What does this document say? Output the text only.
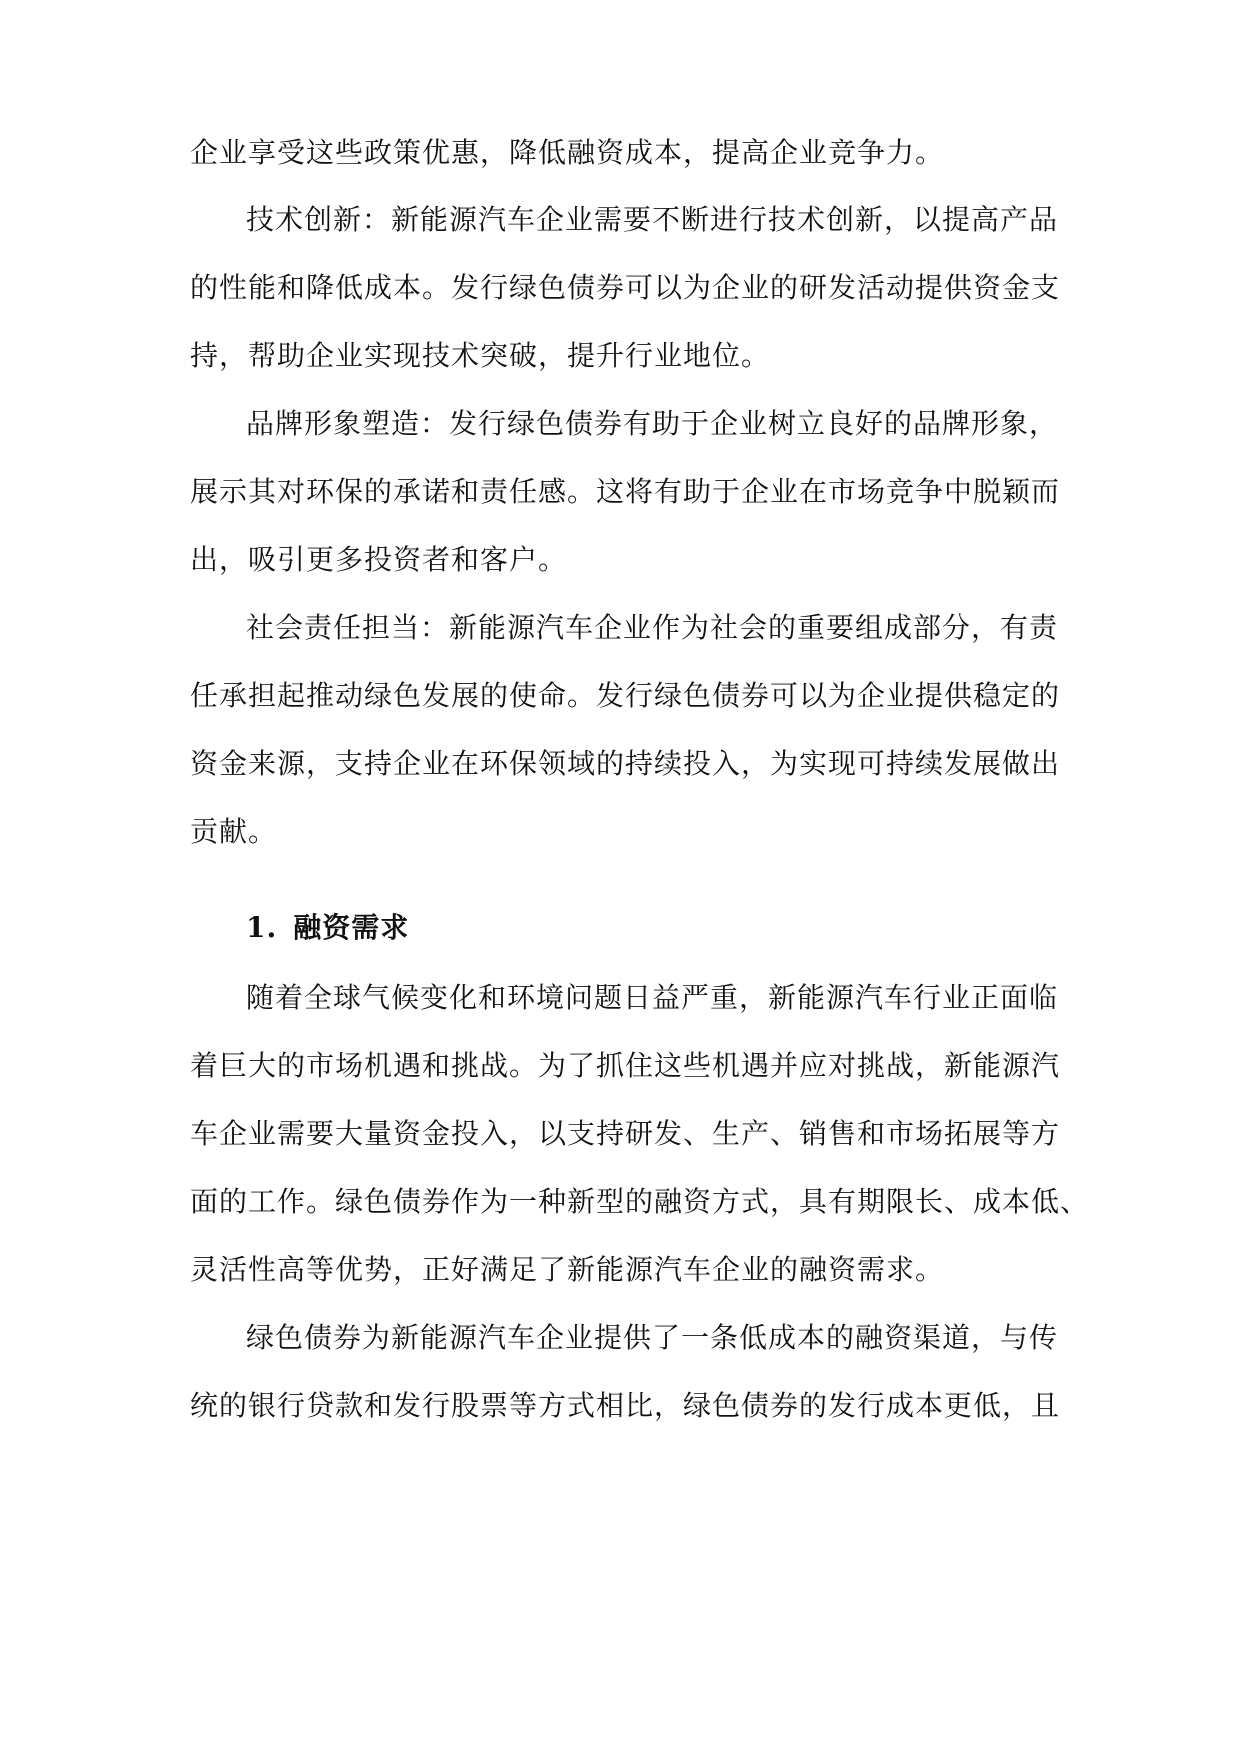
企业享受这些政策优惠，降低融资成本，提高企业竞争力。
技术创新：新能源汽车企业需要不断进行技术创新，以提高产品
的性能和降低成本。发行绿色债券可以为企业的研发活动提供资金支
持，帮助企业实现技术突破，提升行业地位。
品牌形象塑造：发行绿色债券有助于企业树立良好的品牌形象，
展示其对环保的承诺和责任感。这将有助于企业在市场竞争中脱颖而
出，吸引更多投资者和客户。
社会责任担当：新能源汽车企业作为社会的重要组成部分，有责
任承担起推动绿色发展的使命。发行绿色债券可以为企业提供稳定的
资金来源，支持企业在环保领域的持续投入，为实现可持续发展做出
贡献。
1. 融资需求
随着全球气候变化和环境问题日益严重，新能源汽车行业正面临
着巨大的市场机遇和挑战。为了抓住这些机遇并应对挑战，新能源汽
车企业需要大量资金投入，以支持研发、生产、销售和市场拓展等方
面的工作。绿色债券作为一种新型的融资方式，具有期限长、成本低、
灵活性高等优势，正好满足了新能源汽车企业的融资需求。
绿色债券为新能源汽车企业提供了一条低成本的融资渠道，与传
统的银行贷款和发行股票等方式相比，绿色债券的发行成本更低，且
